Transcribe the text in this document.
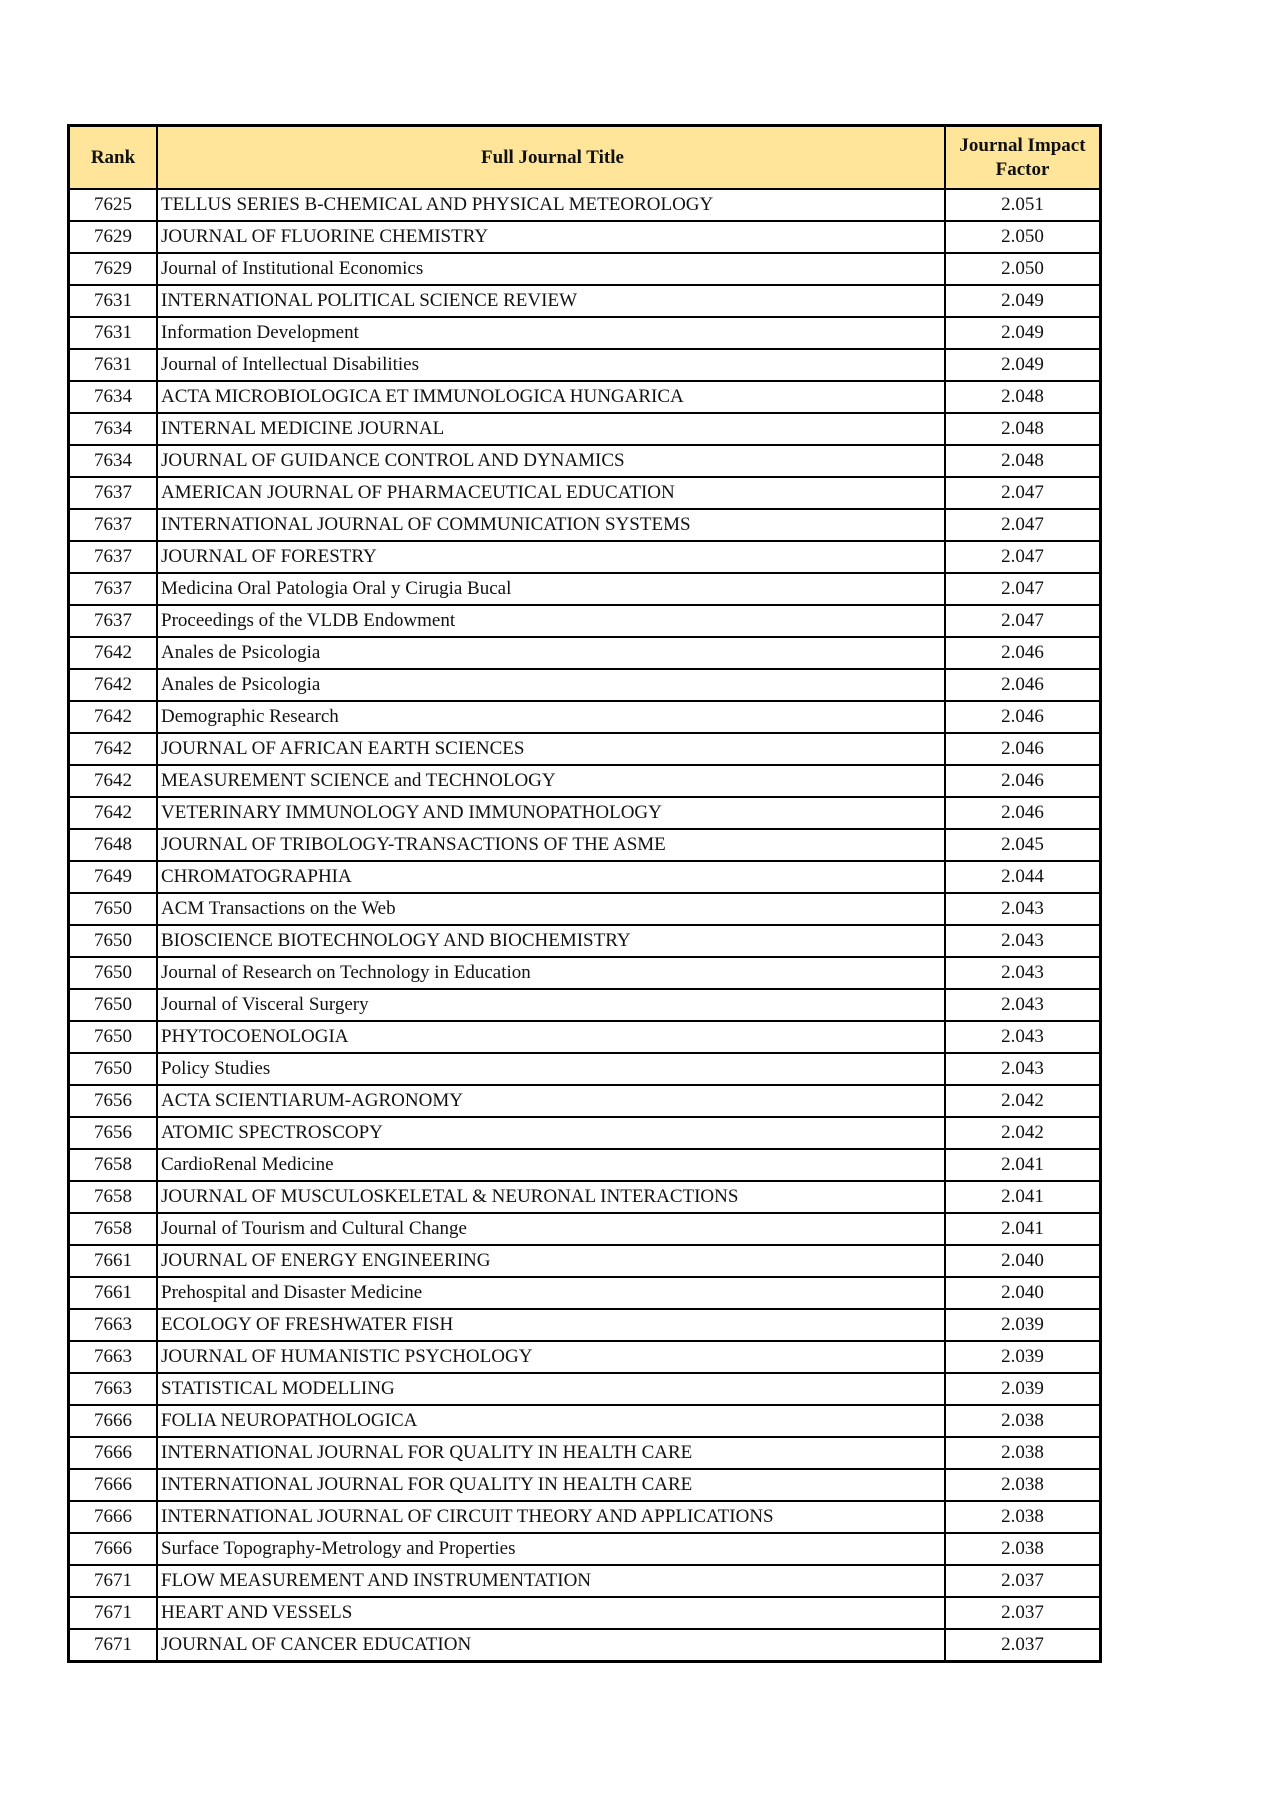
Rank	Full Journal Title	Journal Impact Factor
7625	TELLUS SERIES B-CHEMICAL AND PHYSICAL METEOROLOGY	2.051
7629	JOURNAL OF FLUORINE CHEMISTRY	2.050
7629	Journal of Institutional Economics	2.050
7631	INTERNATIONAL POLITICAL SCIENCE REVIEW	2.049
7631	Information Development	2.049
7631	Journal of Intellectual Disabilities	2.049
7634	ACTA MICROBIOLOGICA ET IMMUNOLOGICA HUNGARICA	2.048
7634	INTERNAL MEDICINE JOURNAL	2.048
7634	JOURNAL OF GUIDANCE CONTROL AND DYNAMICS	2.048
7637	AMERICAN JOURNAL OF PHARMACEUTICAL EDUCATION	2.047
7637	INTERNATIONAL JOURNAL OF COMMUNICATION SYSTEMS	2.047
7637	JOURNAL OF FORESTRY	2.047
7637	Medicina Oral Patologia Oral y Cirugia Bucal	2.047
7637	Proceedings of the VLDB Endowment	2.047
7642	Anales de Psicologia	2.046
7642	Anales de Psicologia	2.046
7642	Demographic Research	2.046
7642	JOURNAL OF AFRICAN EARTH SCIENCES	2.046
7642	MEASUREMENT SCIENCE and TECHNOLOGY	2.046
7642	VETERINARY IMMUNOLOGY AND IMMUNOPATHOLOGY	2.046
7648	JOURNAL OF TRIBOLOGY-TRANSACTIONS OF THE ASME	2.045
7649	CHROMATOGRAPHIA	2.044
7650	ACM Transactions on the Web	2.043
7650	BIOSCIENCE BIOTECHNOLOGY AND BIOCHEMISTRY	2.043
7650	Journal of Research on Technology in Education	2.043
7650	Journal of Visceral Surgery	2.043
7650	PHYTOCOENOLOGIA	2.043
7650	Policy Studies	2.043
7656	ACTA SCIENTIARUM-AGRONOMY	2.042
7656	ATOMIC SPECTROSCOPY	2.042
7658	CardioRenal Medicine	2.041
7658	JOURNAL OF MUSCULOSKELETAL & NEURONAL INTERACTIONS	2.041
7658	Journal of Tourism and Cultural Change	2.041
7661	JOURNAL OF ENERGY ENGINEERING	2.040
7661	Prehospital and Disaster Medicine	2.040
7663	ECOLOGY OF FRESHWATER FISH	2.039
7663	JOURNAL OF HUMANISTIC PSYCHOLOGY	2.039
7663	STATISTICAL MODELLING	2.039
7666	FOLIA NEUROPATHOLOGICA	2.038
7666	INTERNATIONAL JOURNAL FOR QUALITY IN HEALTH CARE	2.038
7666	INTERNATIONAL JOURNAL FOR QUALITY IN HEALTH CARE	2.038
7666	INTERNATIONAL JOURNAL OF CIRCUIT THEORY AND APPLICATIONS	2.038
7666	Surface Topography-Metrology and Properties	2.038
7671	FLOW MEASUREMENT AND INSTRUMENTATION	2.037
7671	HEART AND VESSELS	2.037
7671	JOURNAL OF CANCER EDUCATION	2.037
